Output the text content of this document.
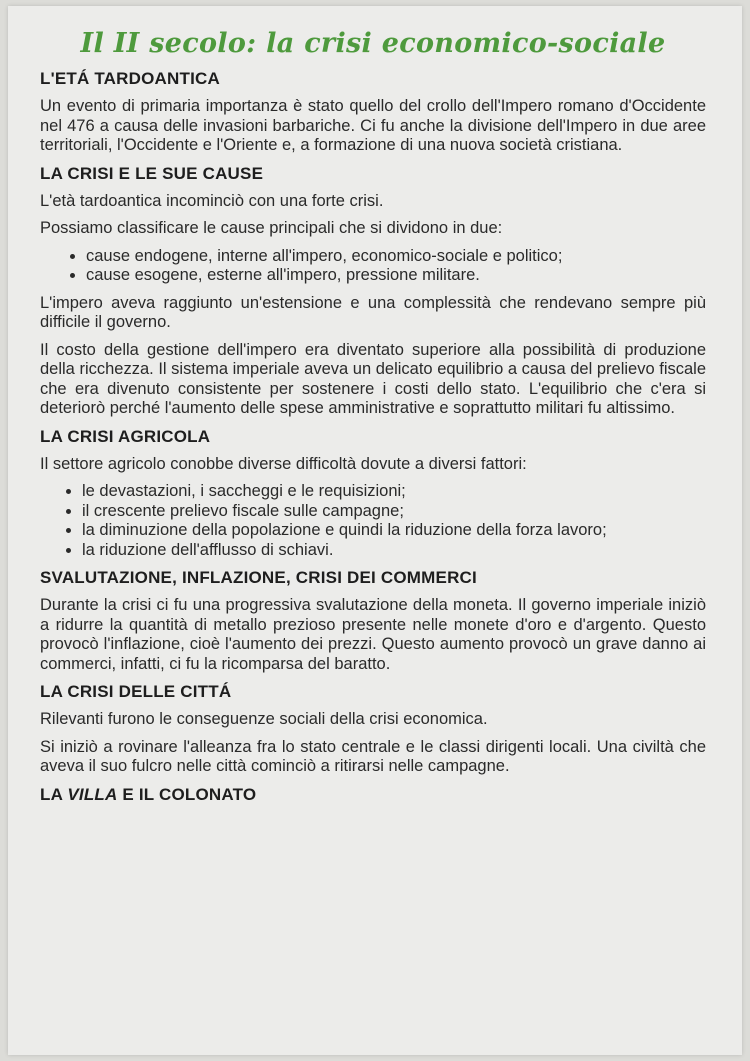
Il II secolo: la crisi economico-sociale
L'ETÁ TARDOANTICA

Un evento di primaria importanza è stato quello del crollo dell'Impero romano d'Occidente nel 476 a causa delle invasioni barbariche. Ci fu anche la divisione dell'Impero in due aree territoriali, l'Occidente e l'Oriente e, a formazione di una nuova società cristiana.

LA CRISI E LE SUE CAUSE

L'età tardoantica incominciò con una forte crisi.

Possiamo classificare le cause principali che si dividono in due:

• cause endogene, interne all'impero, economico-sociale e politico;
• cause esogene, esterne all'impero, pressione militare.

L'impero aveva raggiunto un'estensione e una complessità che rendevano sempre più difficile il governo.

Il costo della gestione dell'impero era diventato superiore alla possibilità di produzione della ricchezza. Il sistema imperiale aveva un delicato equilibrio a causa del prelievo fiscale che era divenuto consistente per sostenere i costi dello stato. L'equilibrio che c'era si deteriorò perché l'aumento delle spese amministrative e soprattutto militari fu altissimo.

LA CRISI AGRICOLA

Il settore agricolo conobbe diverse difficoltà dovute a diversi fattori:

• le devastazioni, i saccheggi e le requisizioni;
• il crescente prelievo fiscale sulle campagne;
• la diminuzione della popolazione e quindi la riduzione della forza lavoro;
• la riduzione dell'afflusso di schiavi.
SVALUTAZIONE, INFLAZIONE, CRISI DEI COMMERCI

Durante la crisi ci fu una progressiva svalutazione della moneta. Il governo imperiale iniziò a ridurre la quantità di metallo prezioso presente nelle monete d'oro e d'argento. Questo provocò l'inflazione, cioè l'aumento dei prezzi. Questo aumento provocò un grave danno ai commerci, infatti, ci fu la ricomparsa del baratto.

LA CRISI DELLE CITTÁ

Rilevanti furono le conseguenze sociali della crisi economica.

Si iniziò a rovinare l'alleanza fra lo stato centrale e le classi dirigenti locali. Una civiltà che aveva il suo fulcro nelle città cominciò a ritirarsi nelle campagne.

LA VILLA E IL COLONATO
